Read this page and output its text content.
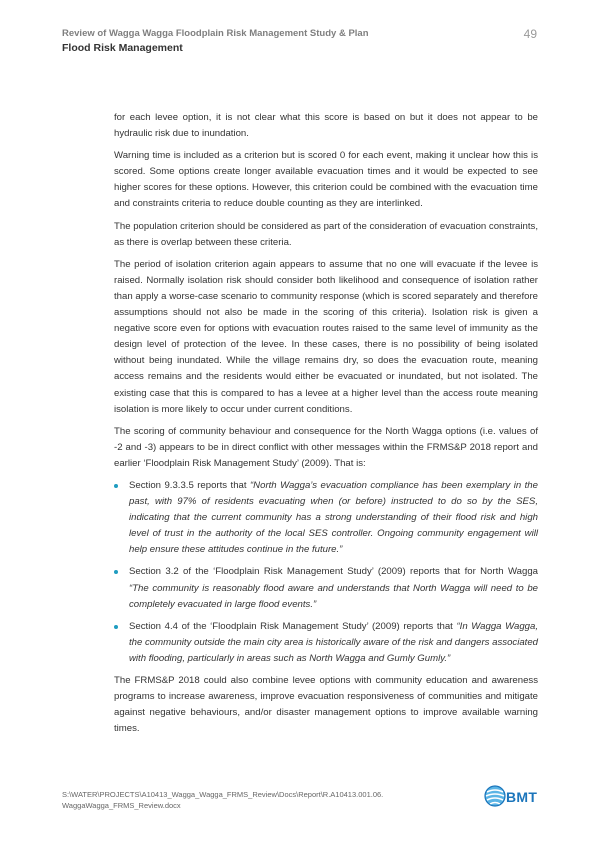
Review of Wagga Wagga Floodplain Risk Management Study & Plan
Flood Risk Management
49

for each levee option, it is not clear what this score is based on but it does not appear to be hydraulic risk due to inundation.

Warning time is included as a criterion but is scored 0 for each event, making it unclear how this is scored. Some options create longer available evacuation times and it would be expected to see higher scores for these options. However, this criterion could be combined with the evacuation time and constraints criteria to reduce double counting as they are interlinked.

The population criterion should be considered as part of the consideration of evacuation constraints, as there is overlap between these criteria.

The period of isolation criterion again appears to assume that no one will evacuate if the levee is raised. Normally isolation risk should consider both likelihood and consequence of isolation rather than apply a worse-case scenario to community response (which is scored separately and therefore assumptions should not also be made in the scoring of this criteria). Isolation risk is given a negative score even for options with evacuation routes raised to the same level of immunity as the design level of protection of the levee. In these cases, there is no possibility of being isolated without being inundated. While the village remains dry, so does the evacuation route, meaning access remains and the residents would either be evacuated or inundated, but not isolated. The existing case that this is compared to has a levee at a higher level than the access route meaning isolation is more likely to occur under current conditions.

The scoring of community behaviour and consequence for the North Wagga options (i.e. values of -2 and -3) appears to be in direct conflict with other messages within the FRMS&P 2018 report and earlier ‘Floodplain Risk Management Study’ (2009). That is:

Section 9.3.3.5 reports that “North Wagga’s evacuation compliance has been exemplary in the past, with 97% of residents evacuating when (or before) instructed to do so by the SES, indicating that the current community has a strong understanding of their flood risk and high level of trust in the authority of the local SES controller. Ongoing community engagement will help ensure these attitudes continue in the future.”
Section 3.2 of the ‘Floodplain Risk Management Study’ (2009) reports that for North Wagga “The community is reasonably flood aware and understands that North Wagga will need to be completely evacuated in large flood events.”
Section 4.4 of the ‘Floodplain Risk Management Study’ (2009) reports that “In Wagga Wagga, the community outside the main city area is historically aware of the risk and dangers associated with flooding, particularly in areas such as North Wagga and Gumly Gumly.”

The FRMS&P 2018 could also combine levee options with community education and awareness programs to increase awareness, improve evacuation responsiveness of communities and mitigate against negative behaviours, and/or disaster management options to improve available warning times.

S:\WATER\PROJECTS\A10413_Wagga_Wagga_FRMS_Review\Docs\Report\R.A10413.001.06.
WaggaWagga_FRMS_Review.docx	BMT
